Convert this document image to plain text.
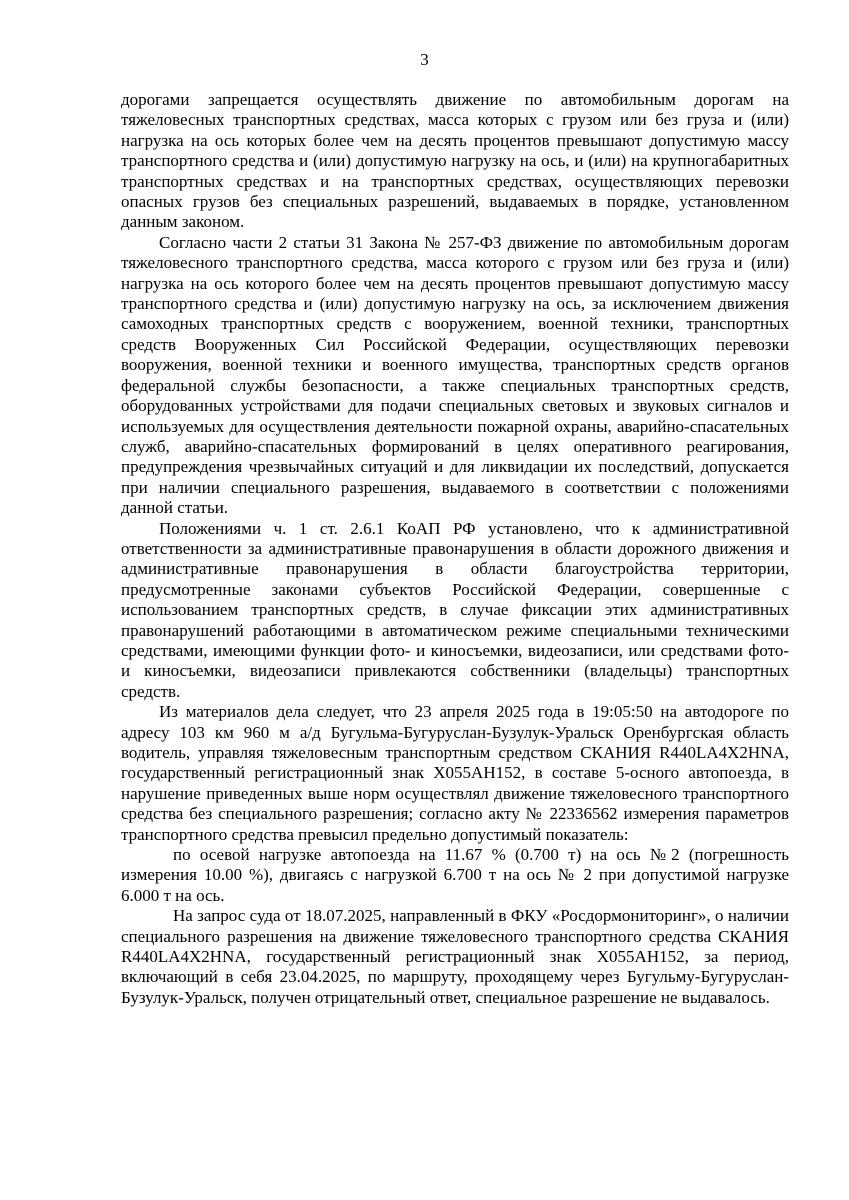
3

дорогами запрещается осуществлять движение по автомобильным дорогам на тяжеловесных транспортных средствах, масса которых с грузом или без груза и (или) нагрузка на ось которых более чем на десять процентов превышают допустимую массу транспортного средства и (или) допустимую нагрузку на ось, и (или) на крупногабаритных транспортных средствах и на транспортных средствах, осуществляющих перевозки опасных грузов без специальных разрешений, выдаваемых в порядке, установленном данным законом.

Согласно части 2 статьи 31 Закона № 257-ФЗ движение по автомобильным дорогам тяжеловесного транспортного средства, масса которого с грузом или без груза и (или) нагрузка на ось которого более чем на десять процентов превышают допустимую массу транспортного средства и (или) допустимую нагрузку на ось, за исключением движения самоходных транспортных средств с вооружением, военной техники, транспортных средств Вооруженных Сил Российской Федерации, осуществляющих перевозки вооружения, военной техники и военного имущества, транспортных средств органов федеральной службы безопасности, а также специальных транспортных средств, оборудованных устройствами для подачи специальных световых и звуковых сигналов и используемых для осуществления деятельности пожарной охраны, аварийно-спасательных служб, аварийно-спасательных формирований в целях оперативного реагирования, предупреждения чрезвычайных ситуаций и для ликвидации их последствий, допускается при наличии специального разрешения, выдаваемого в соответствии с положениями данной статьи.

Положениями ч. 1 ст. 2.6.1 КоАП РФ установлено, что к административной ответственности за административные правонарушения в области дорожного движения и административные правонарушения в области благоустройства территории, предусмотренные законами субъектов Российской Федерации, совершенные с использованием транспортных средств, в случае фиксации этих административных правонарушений работающими в автоматическом режиме специальными техническими средствами, имеющими функции фото- и киносъемки, видеозаписи, или средствами фото- и киносъемки, видеозаписи привлекаются собственники (владельцы) транспортных средств.

Из материалов дела следует, что 23 апреля 2025 года в 19:05:50 на автодороге по адресу 103 км 960 м а/д Бугульма-Бугуруслан-Бузулук-Уральск Оренбургская область водитель, управляя тяжеловесным транспортным средством СКАНИЯ R440LA4X2HNA, государственный регистрационный знак Х055АН152, в составе 5-осного автопоезда, в нарушение приведенных выше норм осуществлял движение тяжеловесного транспортного средства без специального разрешения; согласно акту № 22336562 измерения параметров транспортного средства превысил предельно допустимый показатель:

по осевой нагрузке автопоезда на 11.67 % (0.700 т) на ось №2 (погрешность измерения 10.00 %), двигаясь с нагрузкой 6.700 т на ось № 2 при допустимой нагрузке 6.000 т на ось.

На запрос суда от 18.07.2025, направленный в ФКУ «Росдормониторинг», о наличии специального разрешения на движение тяжеловесного транспортного средства СКАНИЯ R440LA4X2HNA, государственный регистрационный знак Х055АН152, за период, включающий в себя 23.04.2025, по маршруту, проходящему через Бугульму-Бугуруслан-Бузулук-Уральск, получен отрицательный ответ, специальное разрешение не выдавалось.
